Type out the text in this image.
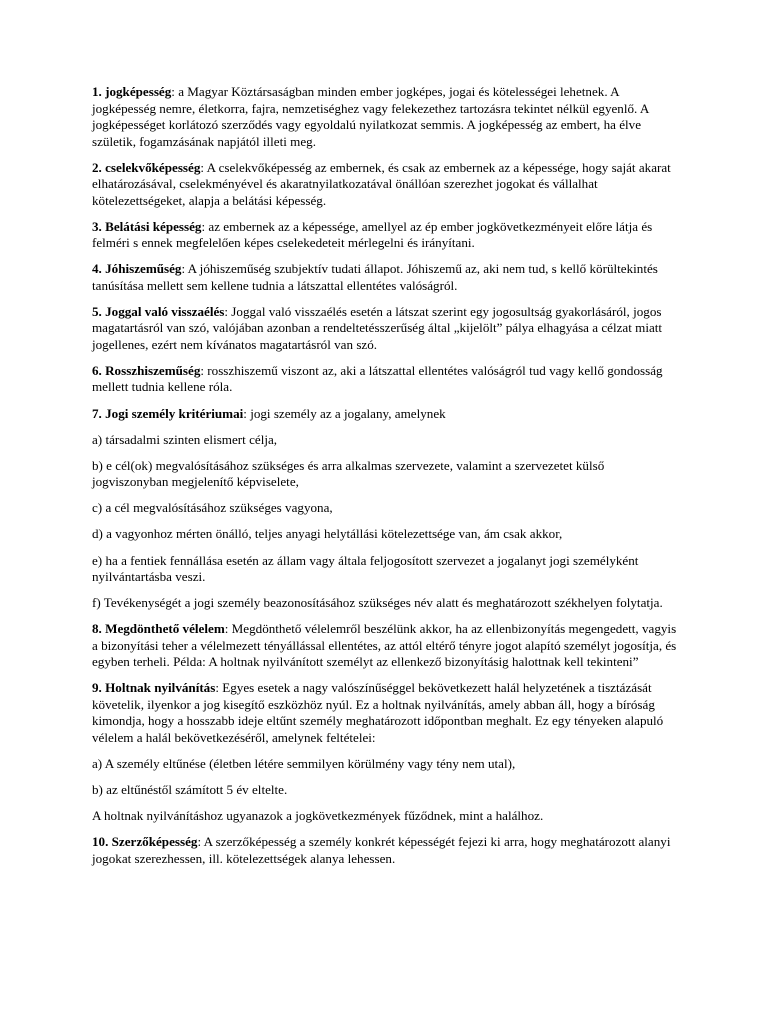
1. jogképesség: a Magyar Köztársaságban minden ember jogképes, jogai és kötelességei lehetnek. A jogképesség nemre, életkorra, fajra, nemzetiséghez vagy felekezethez tartozásra tekintet nélkül egyenlő. A jogképességet korlátozó szerződés vagy egyoldalú nyilatkozat semmis. A jogképesség az embert, ha élve születik, fogamzásának napjától illeti meg.

2. cselekvőképesség: A cselekvőképesség az embernek, és csak az embernek az a képessége, hogy saját akarat elhatározásával, cselekményével és akaratnyilatkozatával önállóan szerezhet jogokat és vállalhat kötelezettségeket, alapja a belátási képesség.

3. Belátási képesség: az embernek az a képessége, amellyel az ép ember jogkövetkezményeit előre látja és felméri s ennek megfelelően képes cselekedeteit mérlegelni és irányítani.

4. Jóhiszeműség: A jóhiszeműség szubjektív tudati állapot. Jóhiszemű az, aki nem tud, s kellő körültekintés tanúsítása mellett sem kellene tudnia a látszattal ellentétes valóságról.

5. Joggal való visszaélés: Joggal való visszaélés esetén a látszat szerint egy jogosultság gyakorlásáról, jogos magatartásról van szó, valójában azonban a rendeltetésszerűség által „kijelölt” pálya elhagyása a célzat miatt jogellenes, ezért nem kívánatos magatartásról van szó.

6. Rosszhiszeműség: rosszhiszemű viszont az, aki a látszattal ellentétes valóságról tud vagy kellő gondosság mellett tudnia kellene róla.

7. Jogi személy kritériumai: jogi személy az a jogalany, amelynek

a) társadalmi szinten elismert célja,

b) e cél(ok) megvalósításához szükséges és arra alkalmas szervezete, valamint a szervezetet külső jogviszonyban megjelenítő képviselete,

c) a cél megvalósításához szükséges vagyona,

d) a vagyonhoz mérten önálló, teljes anyagi helytállási kötelezettsége van, ám csak akkor,

e) ha a fentiek fennállása esetén az állam vagy általa feljogosított szervezet a jogalanyt jogi személyként nyilvántartásba veszi.

f) Tevékenységét a jogi személy beazonosításához szükséges név alatt és meghatározott székhelyen folytatja.

8. Megdönthető vélelem: Megdönthető vélelemről beszélünk akkor, ha az ellenbizonyítás megengedett, vagyis a bizonyítási teher a vélelmezett tényállással ellentétes, az attól eltérő tényre jogot alapító személyt jogosítja, és egyben terheli. Példa: A holtnak nyilvánított személyt az ellenkező bizonyításig halottnak kell tekinteni”

9. Holtnak nyilvánítás: Egyes esetek a nagy valószínűséggel bekövetkezett halál helyzetének a tisztázását követelik, ilyenkor a jog kisegítő eszközhöz nyúl. Ez a holtnak nyilvánítás, amely abban áll, hogy a bíróság kimondja, hogy a hosszabb ideje eltűnt személy meghatározott időpontban meghalt. Ez egy tényeken alapuló vélelem a halál bekövetkezéséről, amelynek feltételei:

a) A személy eltűnése (életben létére semmilyen körülmény vagy tény nem utal),

b) az eltűnéstől számított 5 év eltelte.

A holtnak nyilvánításhoz ugyanazok a jogkövetkezmények fűződnek, mint a halálhoz.

10. Szerzőképesség: A szerzőképesség a személy konkrét képességét fejezi ki arra, hogy meghatározott alanyi jogokat szerezhessen, ill. kötelezettségek alanya lehessen.
